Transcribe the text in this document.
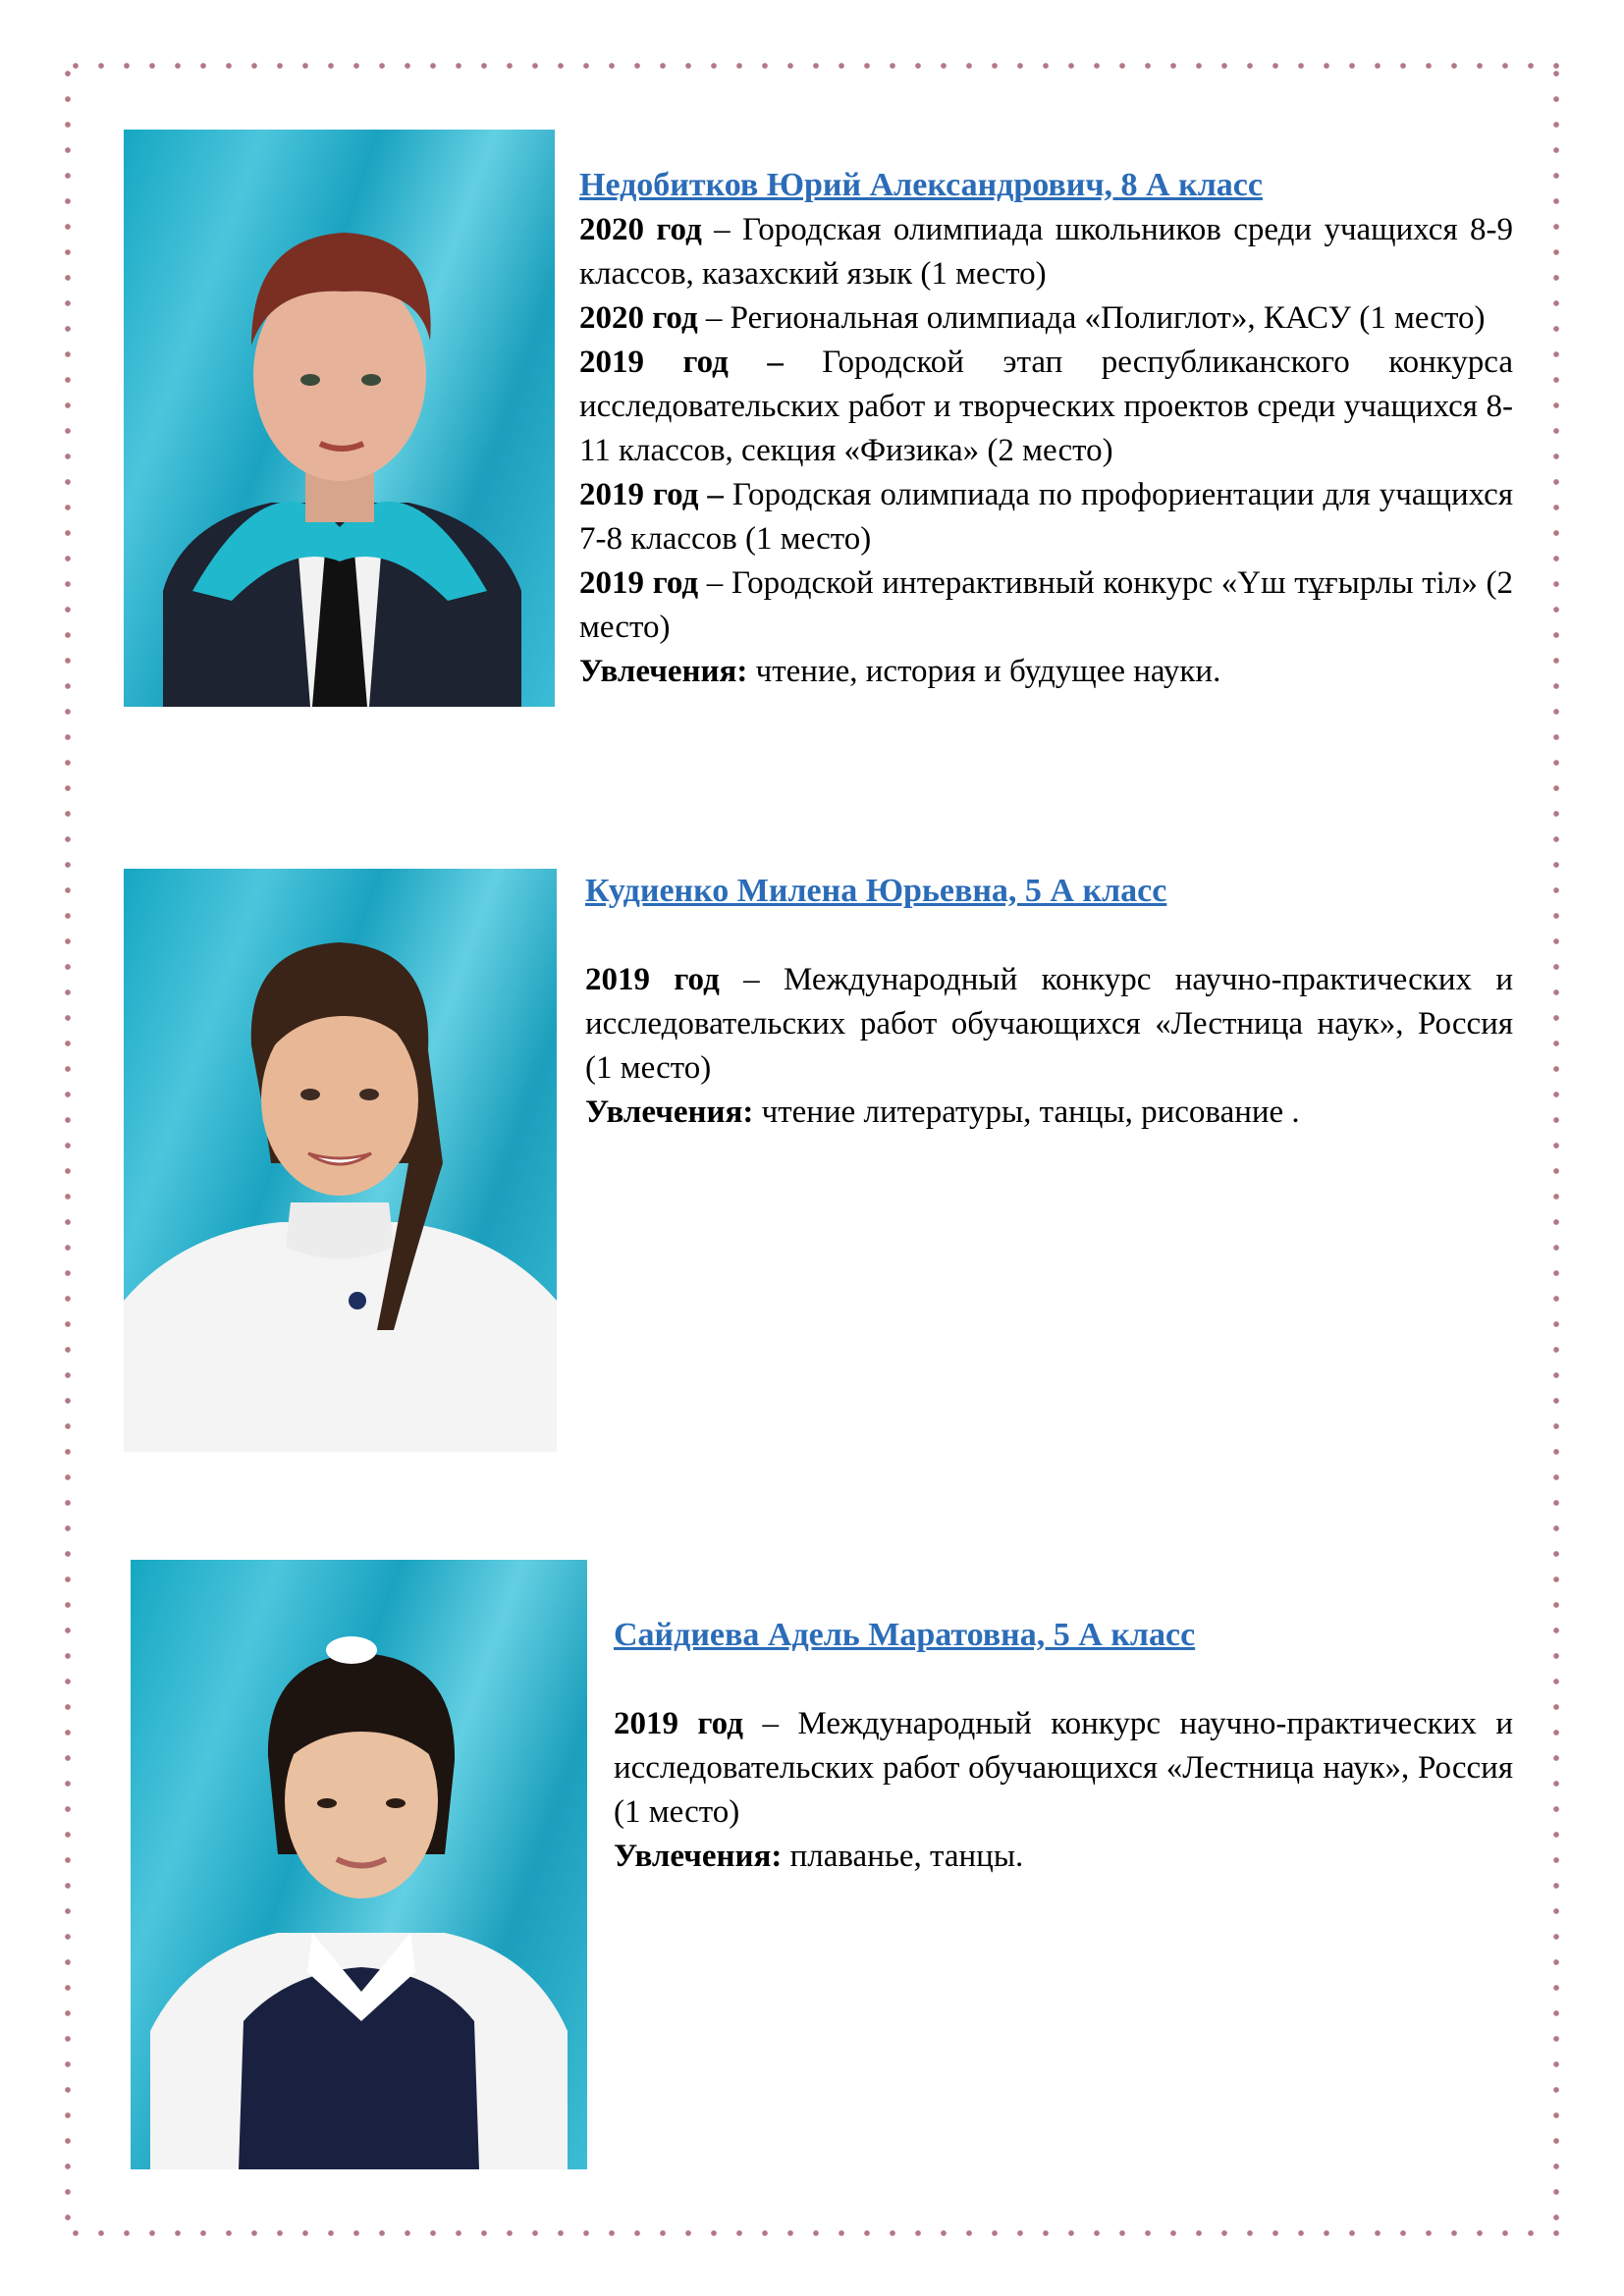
Недобитков Юрий Александрович, 8 А класс

2020 год – Городская олимпиада школьников среди учащихся 8-9 классов, казахский язык (1 место)

2020 год – Региональная олимпиада «Полиглот», КАСУ (1 место)

2019 год – Городской этап республиканского конкурса исследовательских работ и творческих проектов среди учащихся 8-11 классов, секция «Физика» (2 место)

2019 год – Городская олимпиада по профориентации для учащихся 7-8 классов (1 место)

2019 год – Городской интерактивный конкурс «Үш тұғырлы тіл» (2 место)

Увлечения: чтение, история и будущее науки.

Кудиенко Милена Юрьевна, 5 А класс

2019 год – Международный конкурс научно-практических и исследовательских работ обучающихся «Лестница наук», Россия (1 место)

Увлечения: чтение литературы, танцы, рисование .

Сайдиева Адель Маратовна, 5 А класс

2019 год – Международный конкурс научно-практических и исследовательских работ обучающихся «Лестница наук», Россия (1 место)

Увлечения: плаванье, танцы.
